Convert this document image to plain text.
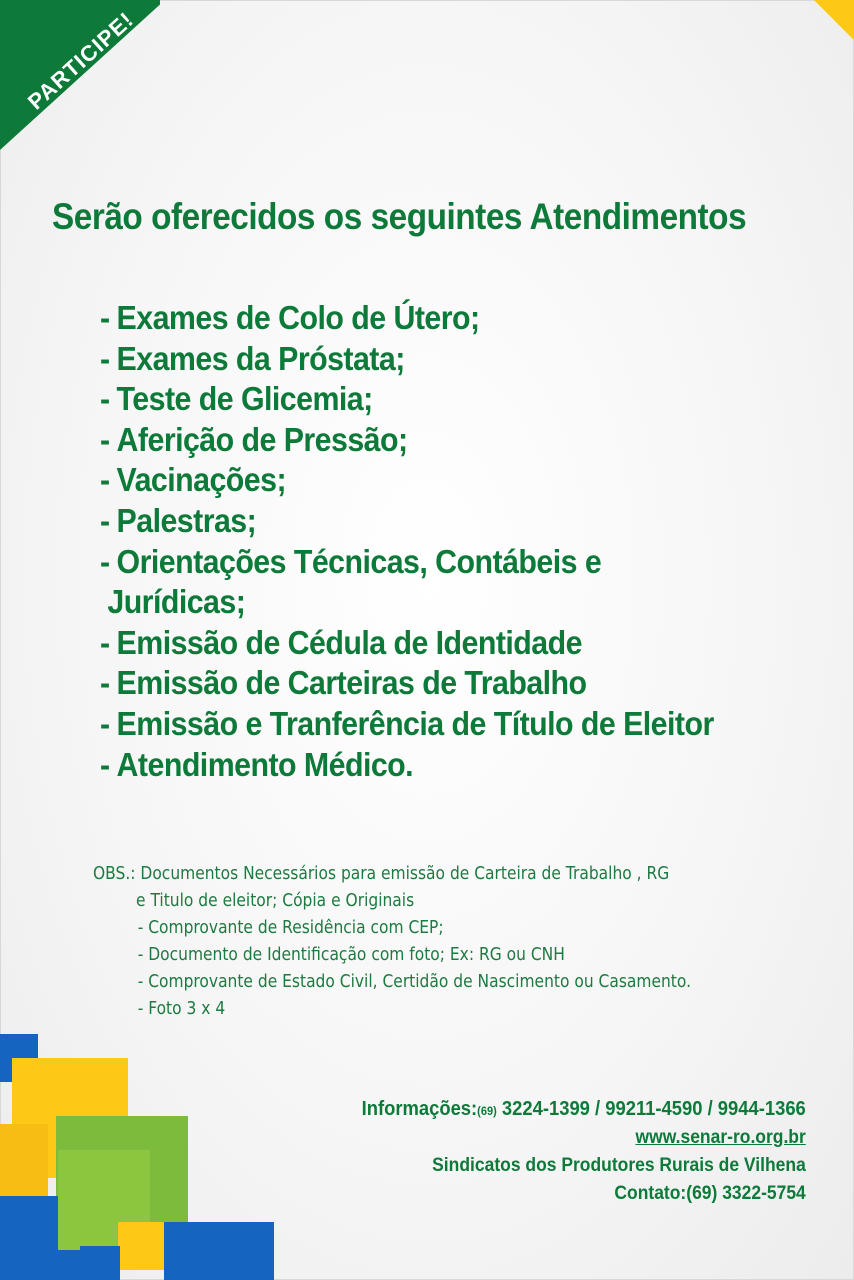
PARTICIPE!
Serão oferecidos os seguintes Atendimentos
- Exames de Colo de Útero;
- Exames da Próstata;
- Teste de Glicemia;
- Aferição de Pressão;
- Vacinações;
- Palestras;
- Orientações Técnicas, Contábeis e
Jurídicas;
- Emissão de Cédula de Identidade
- Emissão de Carteiras de Trabalho
- Emissão e Tranferência de Título de Eleitor
- Atendimento Médico.
OBS.: Documentos Necessários para emissão de Carteira de Trabalho , RG
e Titulo de eleitor; Cópia e Originais
- Comprovante de Residência com CEP;
- Documento de Identificação com foto; Ex: RG ou CNH
- Comprovante de Estado Civil, Certidão de Nascimento ou Casamento.
- Foto 3 x 4
Informações:(69) 3224-1399 / 99211-4590 / 9944-1366
www.senar-ro.org.br
Sindicatos dos Produtores Rurais de Vilhena
Contato:(69) 3322-5754
